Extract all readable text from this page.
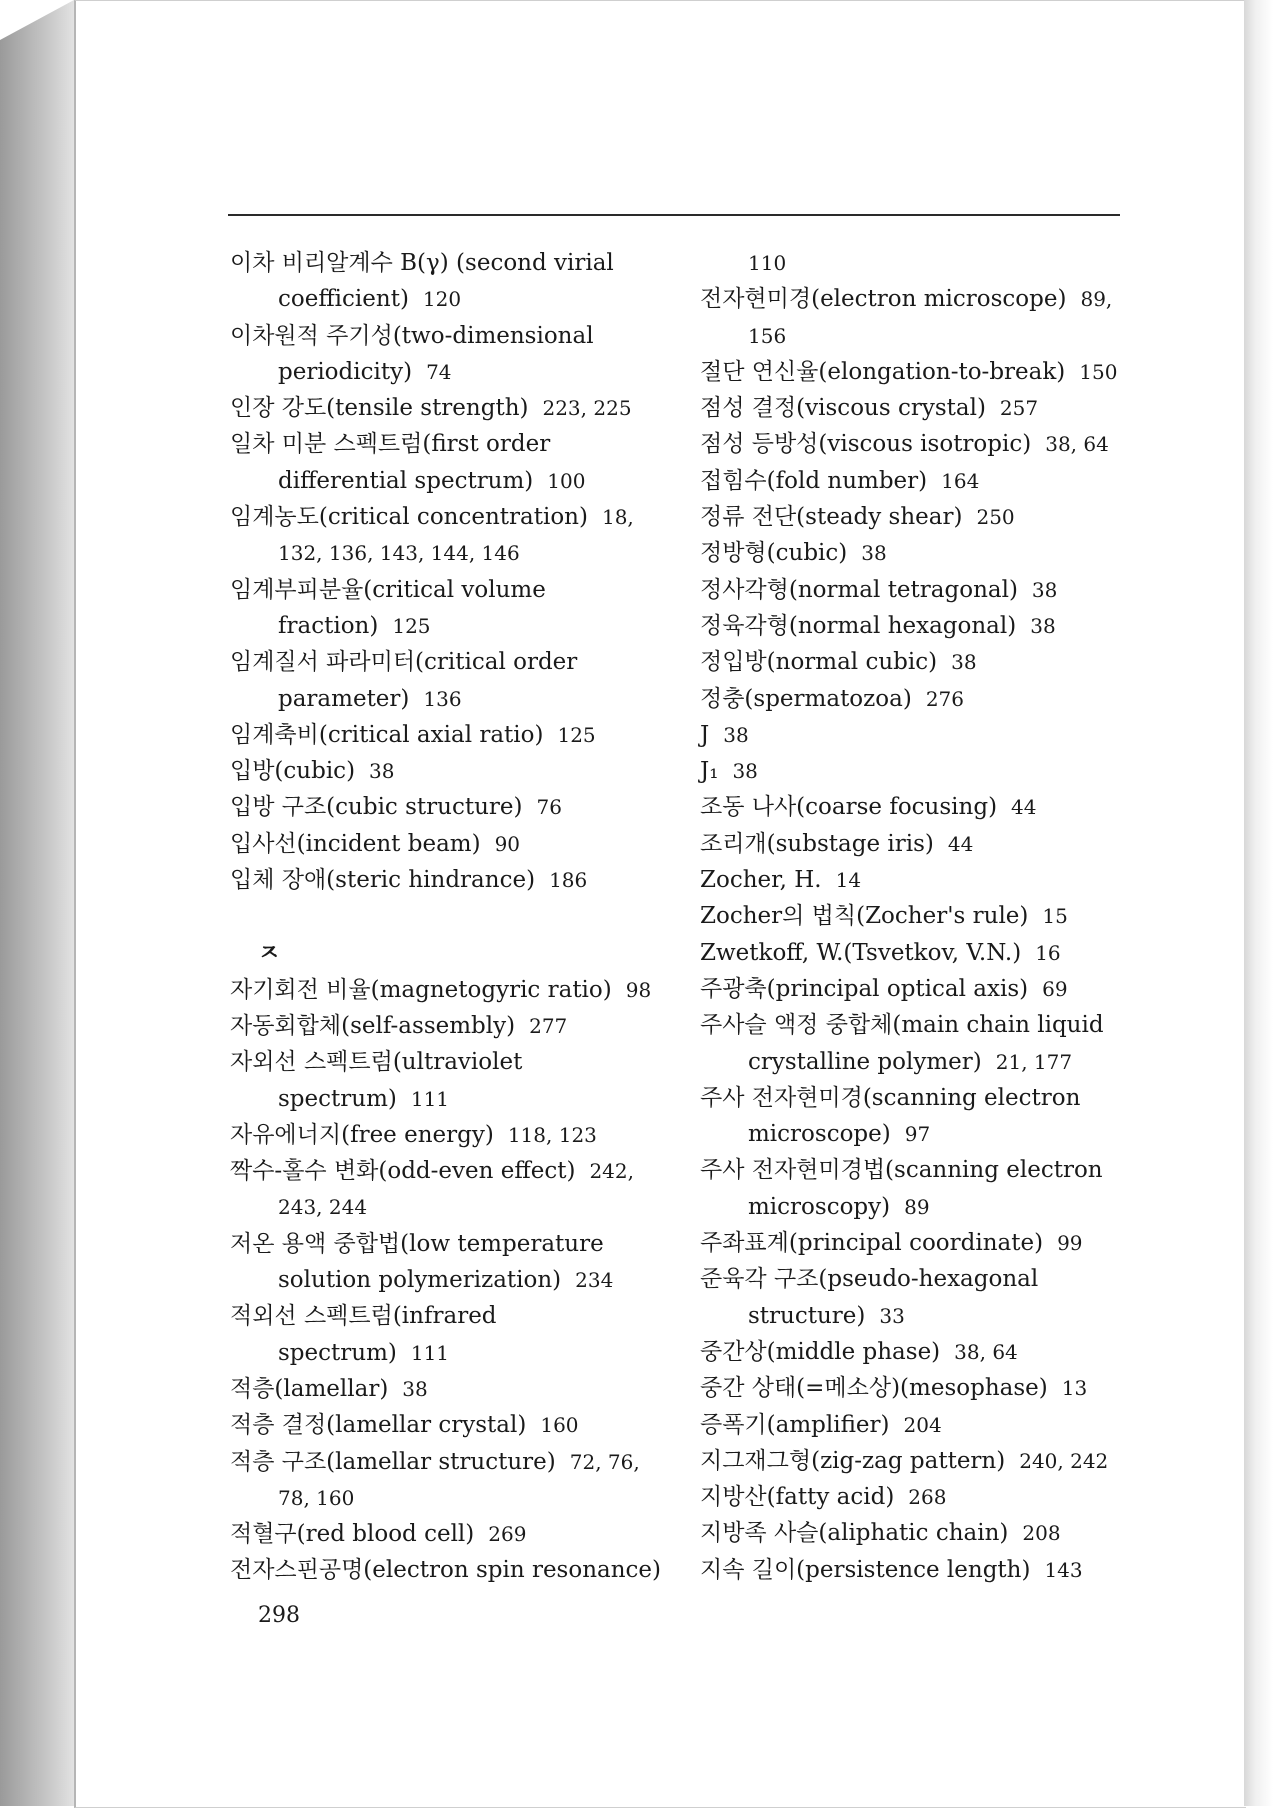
이차 비리알계수 B(γ) (second virial coefficient) 120
이차원적 주기성(two-dimensional periodicity) 74
인장 강도(tensile strength) 223, 225
일차 미분 스펙트럼(first order differential spectrum) 100
임계농도(critical concentration) 18, 132, 136, 143, 144, 146
임계부피분율(critical volume fraction) 125
임계질서 파라미터(critical order parameter) 136
임계축비(critical axial ratio) 125
입방(cubic) 38
입방 구조(cubic structure) 76
입사선(incident beam) 90
입체 장애(steric hindrance) 186
ㅈ
자기회전 비율(magnetogyric ratio) 98
자동회합체(self-assembly) 277
자외선 스펙트럼(ultraviolet spectrum) 111
자유에너지(free energy) 118, 123
짝수-홀수 변화(odd-even effect) 242, 243, 244
저온 용액 중합법(low temperature solution polymerization) 234
적외선 스펙트럼(infrared spectrum) 111
적층(lamellar) 38
적층 결정(lamellar crystal) 160
적층 구조(lamellar structure) 72, 76, 78, 160
적혈구(red blood cell) 269
전자스핀공명(electron spin resonance)
110
전자현미경(electron microscope) 89, 156
절단 연신율(elongation-to-break) 150
점성 결정(viscous crystal) 257
점성 등방성(viscous isotropic) 38, 64
접힘수(fold number) 164
정류 전단(steady shear) 250
정방형(cubic) 38
정사각형(normal tetragonal) 38
정육각형(normal hexagonal) 38
정입방(normal cubic) 38
정충(spermatozoa) 276
J 38
J₁ 38
조동 나사(coarse focusing) 44
조리개(substage iris) 44
Zocher, H. 14
Zocher의 법칙(Zocher's rule) 15
Zwetkoff, W.(Tsvetkov, V.N.) 16
주광축(principal optical axis) 69
주사슬 액정 중합체(main chain liquid crystalline polymer) 21, 177
주사 전자현미경(scanning electron microscope) 97
주사 전자현미경법(scanning electron microscopy) 89
주좌표계(principal coordinate) 99
준육각 구조(pseudo-hexagonal structure) 33
중간상(middle phase) 38, 64
중간 상태(=메소상)(mesophase) 13
증폭기(amplifier) 204
지그재그형(zig-zag pattern) 240, 242
지방산(fatty acid) 268
지방족 사슬(aliphatic chain) 208
지속 길이(persistence length) 143
298
